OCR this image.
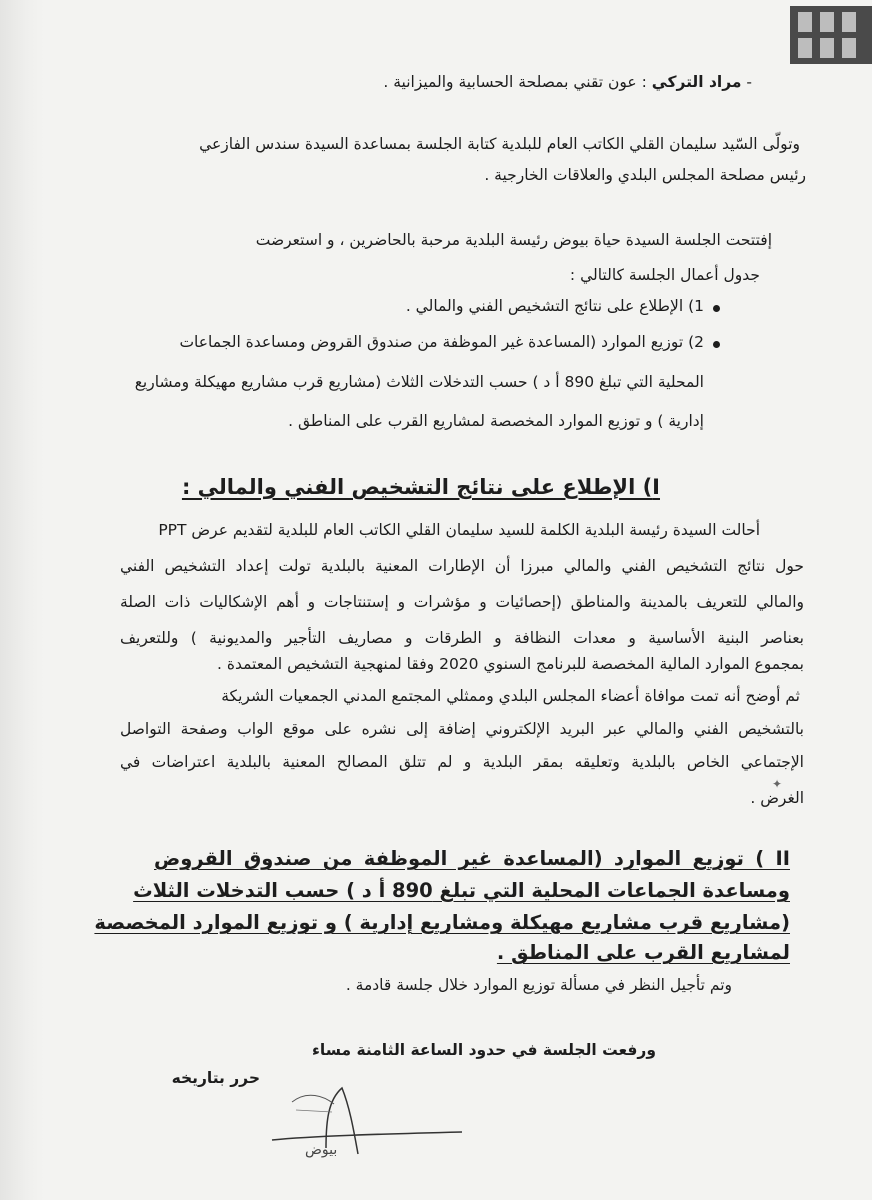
- مراد التركي : عون تقني بمصلحة الحسابية والميزانية .

وتولّى السّيد سليمان القلي الكاتب العام للبلدية كتابة الجلسة بمساعدة السيدة سندس الفازعي

رئيس مصلحة المجلس البلدي والعلاقات الخارجية .

إفتتحت الجلسة السيدة حياة بيوض رئيسة البلدية مرحبة بالحاضرين ، و استعرضت

جدول أعمال الجلسة كالتالي :

1) الإطلاع على نتائج التشخيص الفني والمالي .

2) توزيع الموارد (المساعدة غير الموظفة من صندوق القروض ومساعدة الجماعات

المحلية التي تبلغ 890 أ د ) حسب التدخلات الثلاث (مشاريع قرب مشاريع مهيكلة ومشاريع

إدارية ) و توزيع الموارد المخصصة لمشاريع القرب على المناطق .

I) الإطلاع على نتائج التشخيص الفني والمالي :

أحالت السيدة رئيسة البلدية الكلمة للسيد سليمان القلي الكاتب العام للبلدية لتقديم عرض PPT

حول نتائج التشخيص الفني والمالي مبرزا أن الإطارات المعنية بالبلدية تولت إعداد التشخيص الفني

والمالي للتعريف بالمدينة والمناطق (إحصائيات و مؤشرات و إستنتاجات و أهم الإشكاليات ذات الصلة

بعناصر البنية الأساسية و معدات النظافة و الطرقات و مصاريف التأجير والمديونية ) وللتعريف

بمجموع الموارد المالية المخصصة للبرنامج السنوي 2020 وفقا لمنهجية التشخيص المعتمدة .

ثم أوضح أنه تمت موافاة أعضاء المجلس البلدي وممثلي المجتمع المدني الجمعيات الشريكة

بالتشخيص الفني والمالي عبر البريد الإلكتروني إضافة إلى نشره على موقع الواب وصفحة التواصل

الإجتماعي الخاص بالبلدية وتعليقه بمقر البلدية و لم تتلق المصالح المعنية بالبلدية اعتراضات في

الغرض .

II ) توزيع الموارد (المساعدة غير الموظفة من صندوق القروض

ومساعدة الجماعات المحلية التي تبلغ 890 أ د ) حسب التدخلات الثلاث

(مشاريع قرب مشاريع مهيكلة ومشاريع إدارية ) و توزيع الموارد المخصصة

لمشاريع القرب على المناطق .

وتم تأجيل النظر في مسألة توزيع الموارد خلال جلسة قادمة .

ورفعت الجلسة في حدود الساعة الثامنة مساء

حرر بتاريخه

بيوض

✦
